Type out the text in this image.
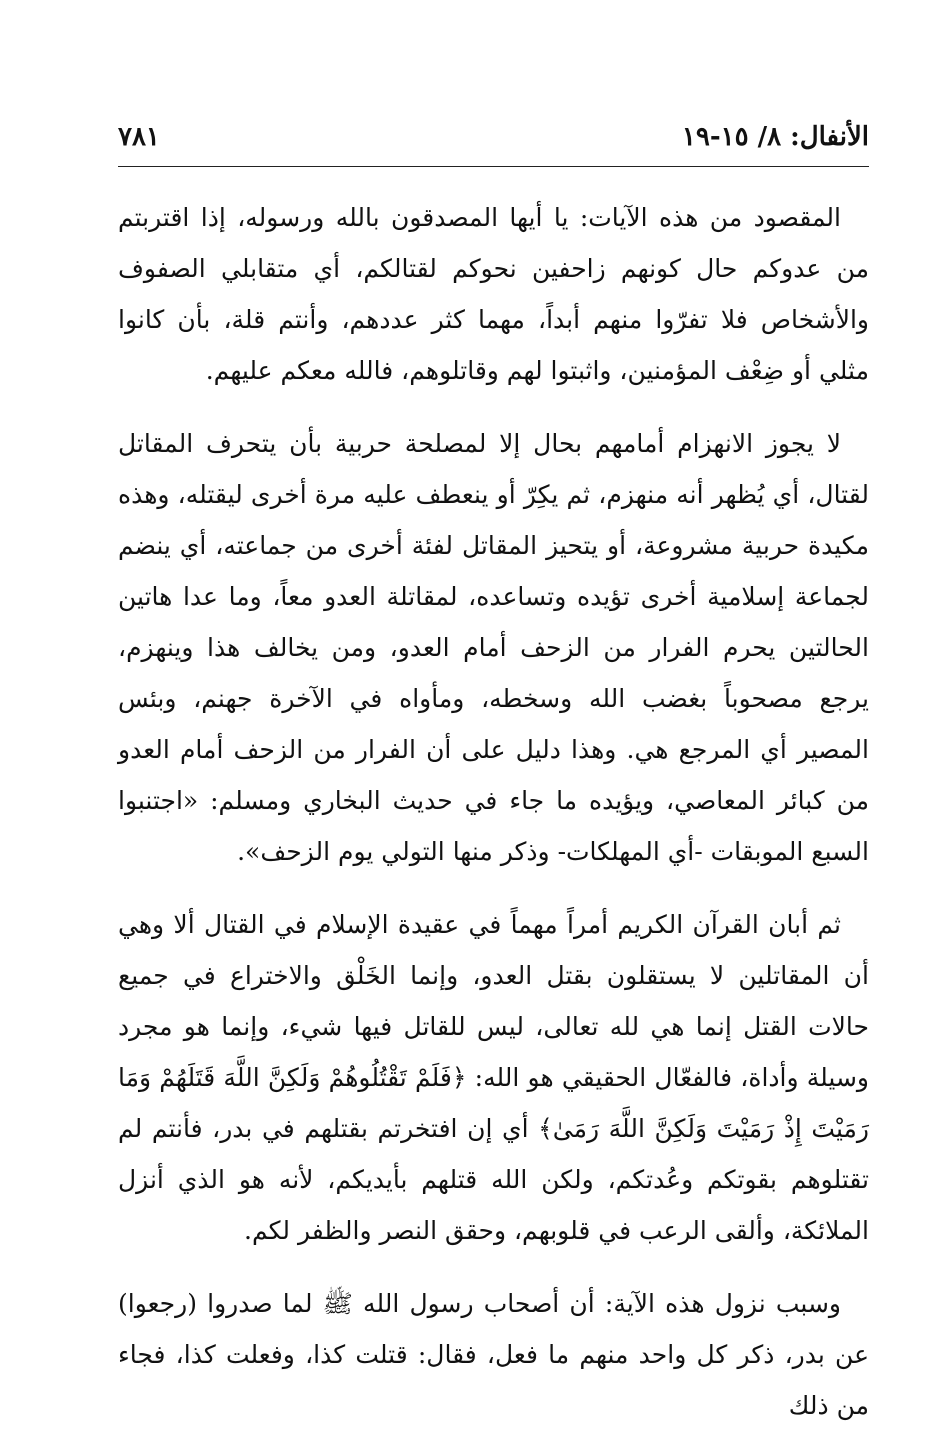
الأنفال: ٨/ ١٥-١٩
٧٨١

المقصود من هذه الآيات: يا أيها المصدقون بالله ورسوله، إذا اقتربتم من عدوكم حال كونهم زاحفين نحوكم لقتالكم، أي متقابلي الصفوف والأشخاص فلا تفرّوا منهم أبداً، مهما كثر عددهم، وأنتم قلة، بأن كانوا مثلي أو ضِعْف المؤمنين، واثبتوا لهم وقاتلوهم، فالله معكم عليهم.

لا يجوز الانهزام أمامهم بحال إلا لمصلحة حربية بأن يتحرف المقاتل لقتال، أي يُظهر أنه منهزم، ثم يكِرّ أو ينعطف عليه مرة أخرى ليقتله، وهذه مكيدة حربية مشروعة، أو يتحيز المقاتل لفئة أخرى من جماعته، أي ينضم لجماعة إسلامية أخرى تؤيده وتساعده، لمقاتلة العدو معاً، وما عدا هاتين الحالتين يحرم الفرار من الزحف أمام العدو، ومن يخالف هذا وينهزم، يرجع مصحوباً بغضب الله وسخطه، ومأواه في الآخرة جهنم، وبئس المصير أي المرجع هي. وهذا دليل على أن الفرار من الزحف أمام العدو من كبائر المعاصي، ويؤيده ما جاء في حديث البخاري ومسلم: «اجتنبوا السبع الموبقات -أي المهلكات- وذكر منها التولي يوم الزحف».

ثم أبان القرآن الكريم أمراً مهماً في عقيدة الإسلام في القتال ألا وهي أن المقاتلين لا يستقلون بقتل العدو، وإنما الخَلْق والاختراع في جميع حالات القتل إنما هي لله تعالى، ليس للقاتل فيها شيء، وإنما هو مجرد وسيلة وأداة، فالفعّال الحقيقي هو الله: ﴿فَلَمْ تَقْتُلُوهُمْ وَلَكِنَّ اللَّهَ قَتَلَهُمْ وَمَا رَمَيْتَ إِذْ رَمَيْتَ وَلَكِنَّ اللَّهَ رَمَىٰ﴾ أي إن افتخرتم بقتلهم في بدر، فأنتم لم تقتلوهم بقوتكم وعُدتكم، ولكن الله قتلهم بأيديكم، لأنه هو الذي أنزل الملائكة، وألقى الرعب في قلوبهم، وحقق النصر والظفر لكم.

وسبب نزول هذه الآية: أن أصحاب رسول الله ﷺ لما صدروا (رجعوا) عن بدر، ذكر كل واحد منهم ما فعل، فقال: قتلت كذا، وفعلت كذا، فجاء من ذلك
